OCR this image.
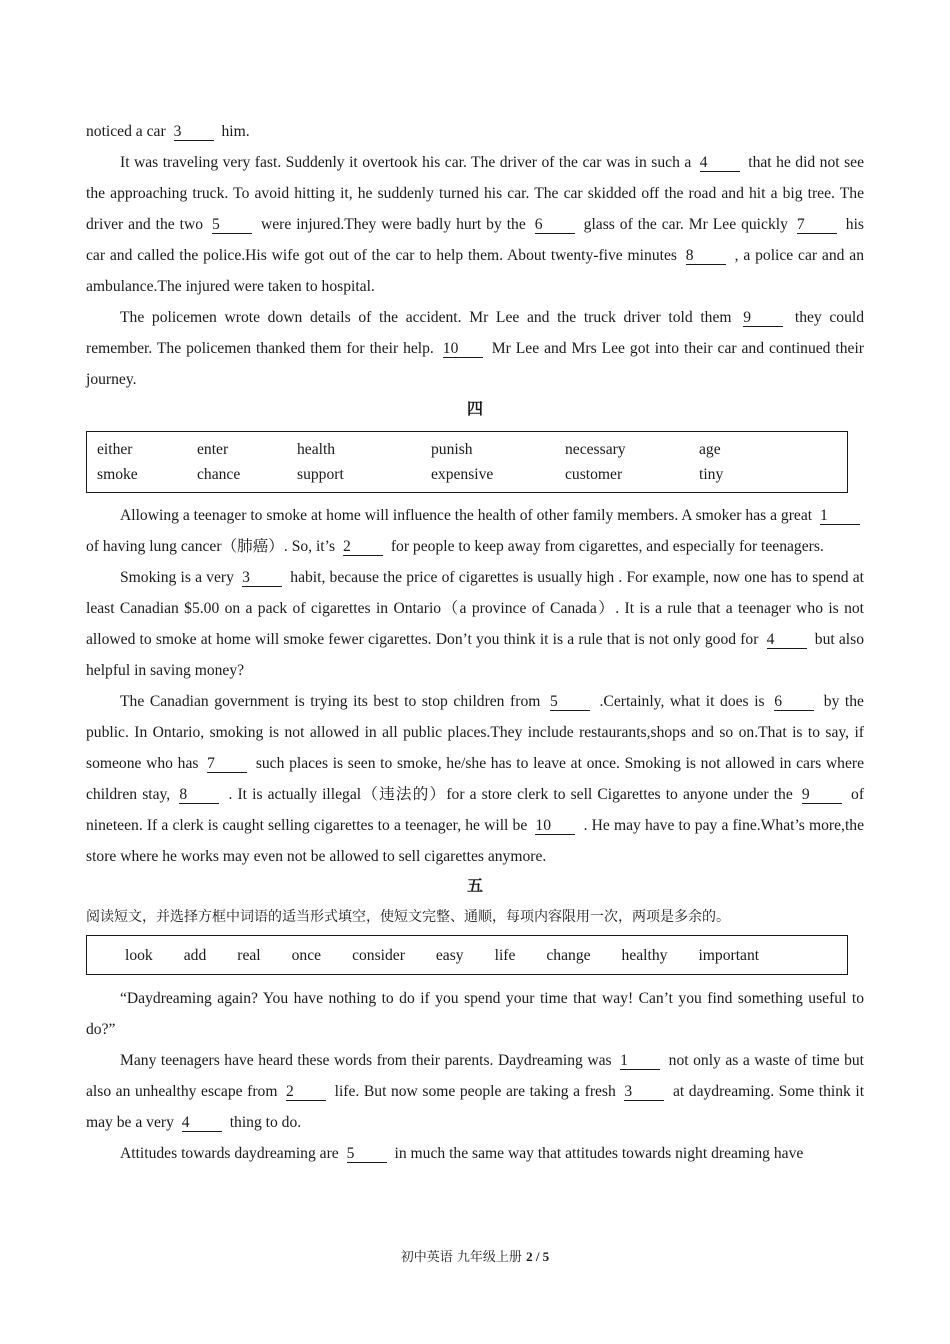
noticed a car 3	him.

It was traveling very fast. Suddenly it overtook his car. The driver of the car was in such a 4	that he did not see the approaching truck. To avoid hitting it, he suddenly turned his car. The car skidded off the road and hit a big tree. The driver and the two 5	were injured.They were badly hurt by the 6	glass of the car. Mr Lee quickly 7	his car and called the police.His wife got out of the car to help them. About twenty-five minutes 8	, a police car and an ambulance.The injured were taken to hospital.

The policemen wrote down details of the accident. Mr Lee and the truck driver told them 9	they could remember. The policemen thanked them for their help. 10 Mr Lee and Mrs Lee got into their car and continued their journey.

四

either	enter	health	punish	necessary	age
smoke	chance	support	expensive	customer	tiny

Allowing a teenager to smoke at home will influence the health of other family members. A smoker has a great 1 of having lung cancer（肺癌）. So, it’s 2	for people to keep away from cigarettes, and especially for teenagers.

Smoking is a very 3	habit, because the price of cigarettes is usually high . For example, now one has to spend at least Canadian $5.00 on a pack of cigarettes in Ontario（a province of Canada）. It is a rule that a teenager who is not allowed to smoke at home will smoke fewer cigarettes. Don’t you think it is a rule that is not only good for 4	but also helpful in saving money?

The Canadian government is trying its best to stop children from 5	.Certainly, what it does is 6	by the public. In Ontario, smoking is not allowed in all public places.They include restaurants,shops and so on.That is to say, if someone who has 7	such places is seen to smoke, he/she has to leave at once. Smoking is not allowed in cars where children stay, 8	. It is actually illegal（违法的）for a store clerk to sell Cigarettes to anyone under the 9	of nineteen. If a clerk is caught selling cigarettes to a teenager, he will be 10 . He may have to pay a fine.What’s more,the store where he works may even not be allowed to sell cigarettes anymore.

五

阅读短文，并选择方框中词语的适当形式填空，使短文完整、通顺，每项内容限用一次，两项是多余的。

look add real once consider easy life change healthy important

“Daydreaming again? You have nothing to do if you spend your time that way! Can’t you find something useful to do?”

Many teenagers have heard these words from their parents. Daydreaming was 1	not only as a waste of time but also an unhealthy escape from 2	life. But now some people are taking a fresh 3	at daydreaming. Some think it may be a very 4	thing to do.

Attitudes towards daydreaming are 5	in much the same way that attitudes towards night dreaming have

初中英语 九年级上册 2 / 5
